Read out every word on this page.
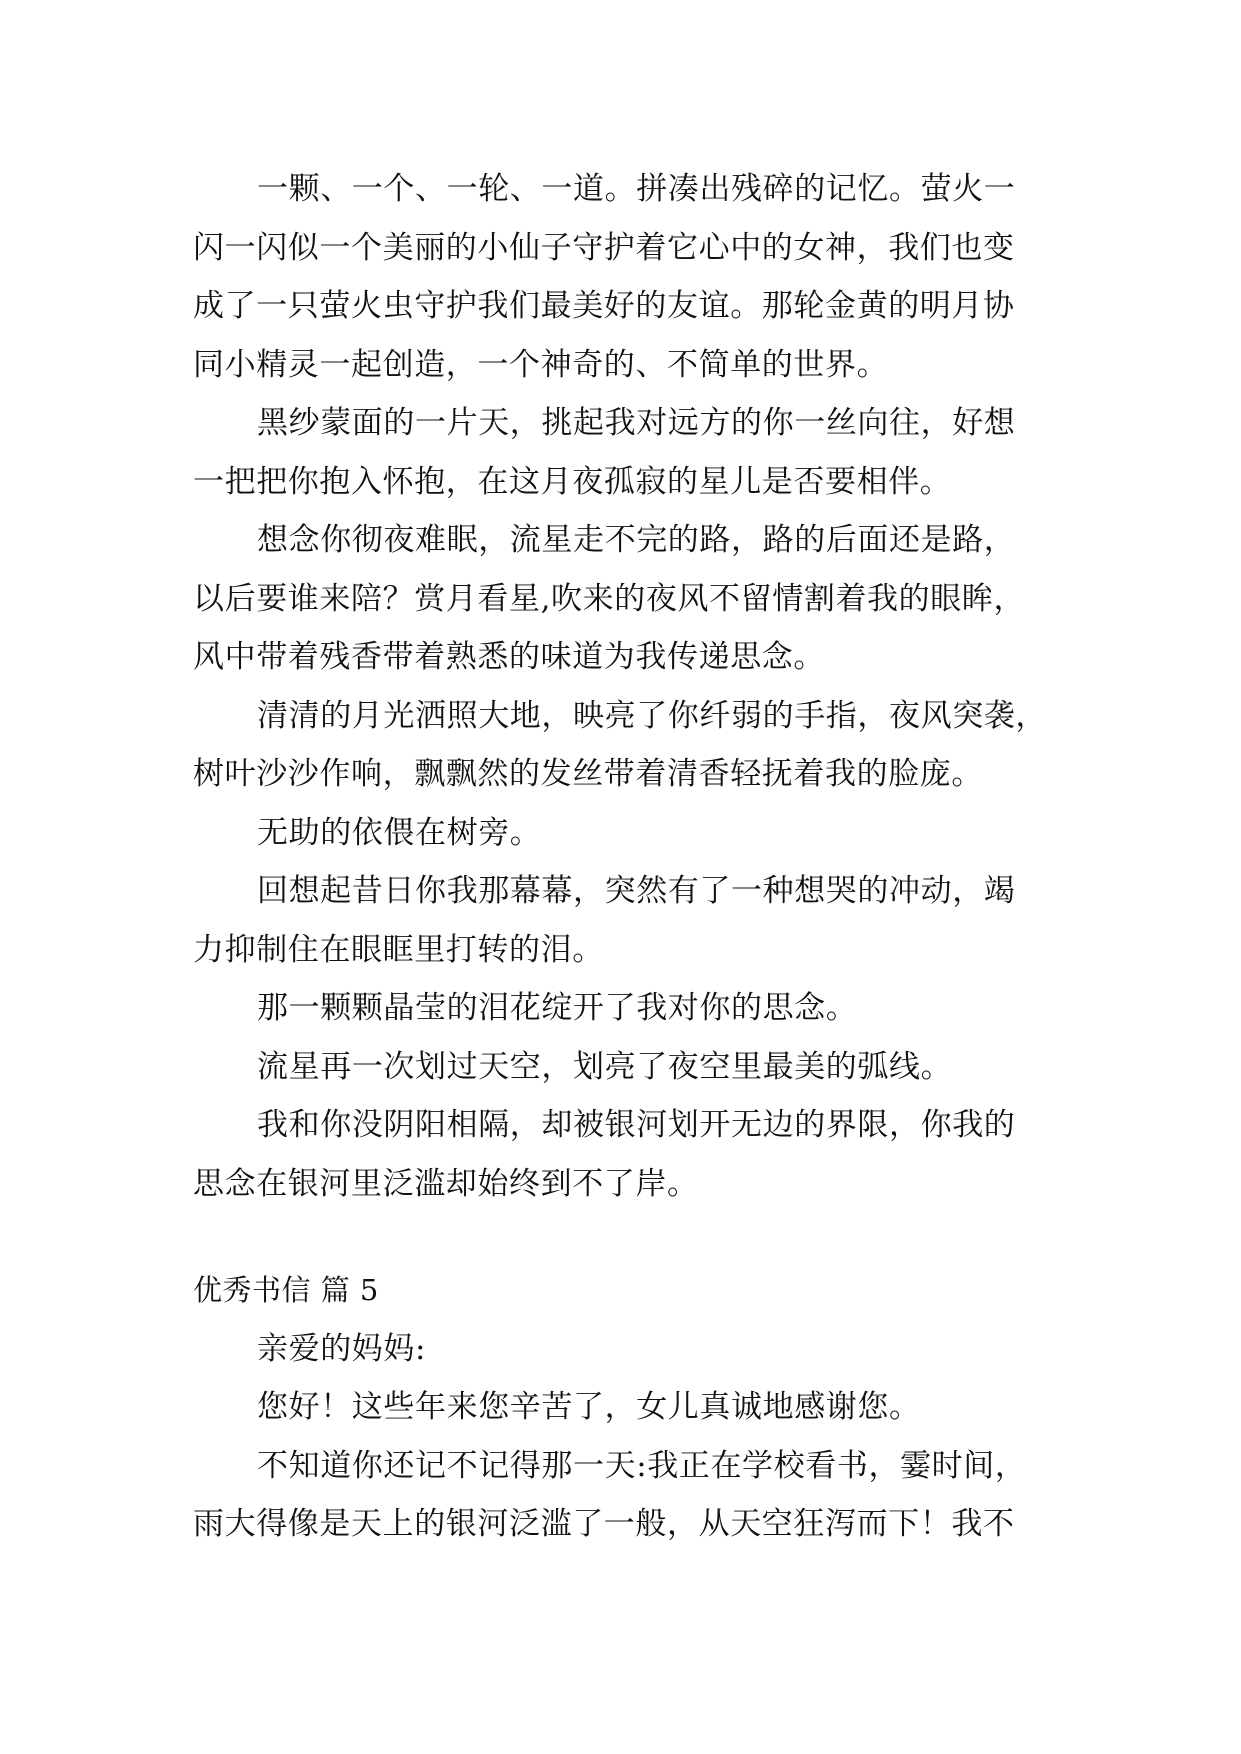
一颗、一个、一轮、一道。拼凑出残碎的记忆。萤火一
闪一闪似一个美丽的小仙子守护着它心中的女神，我们也变
成了一只萤火虫守护我们最美好的友谊。那轮金黄的明月协
同小精灵一起创造，一个神奇的、不简单的世界。
黑纱蒙面的一片天，挑起我对远方的你一丝向往，好想
一把把你抱入怀抱，在这月夜孤寂的星儿是否要相伴。
想念你彻夜难眠，流星走不完的路，路的后面还是路，
以后要谁来陪？赏月看星,吹来的夜风不留情割着我的眼眸，
风中带着残香带着熟悉的味道为我传递思念。
清清的月光洒照大地，映亮了你纤弱的手指，夜风突袭，
树叶沙沙作响，飘飘然的发丝带着清香轻抚着我的脸庞。
无助的依偎在树旁。
回想起昔日你我那幕幕，突然有了一种想哭的冲动，竭
力抑制住在眼眶里打转的泪。
那一颗颗晶莹的泪花绽开了我对你的思念。
流星再一次划过天空，划亮了夜空里最美的弧线。
我和你没阴阳相隔，却被银河划开无边的界限，你我的
思念在银河里泛滥却始终到不了岸。
优秀书信 篇 5
亲爱的妈妈:
您好！这些年来您辛苦了，女儿真诚地感谢您。
不知道你还记不记得那一天:我正在学校看书，霎时间，
雨大得像是天上的银河泛滥了一般，从天空狂泻而下！我不
